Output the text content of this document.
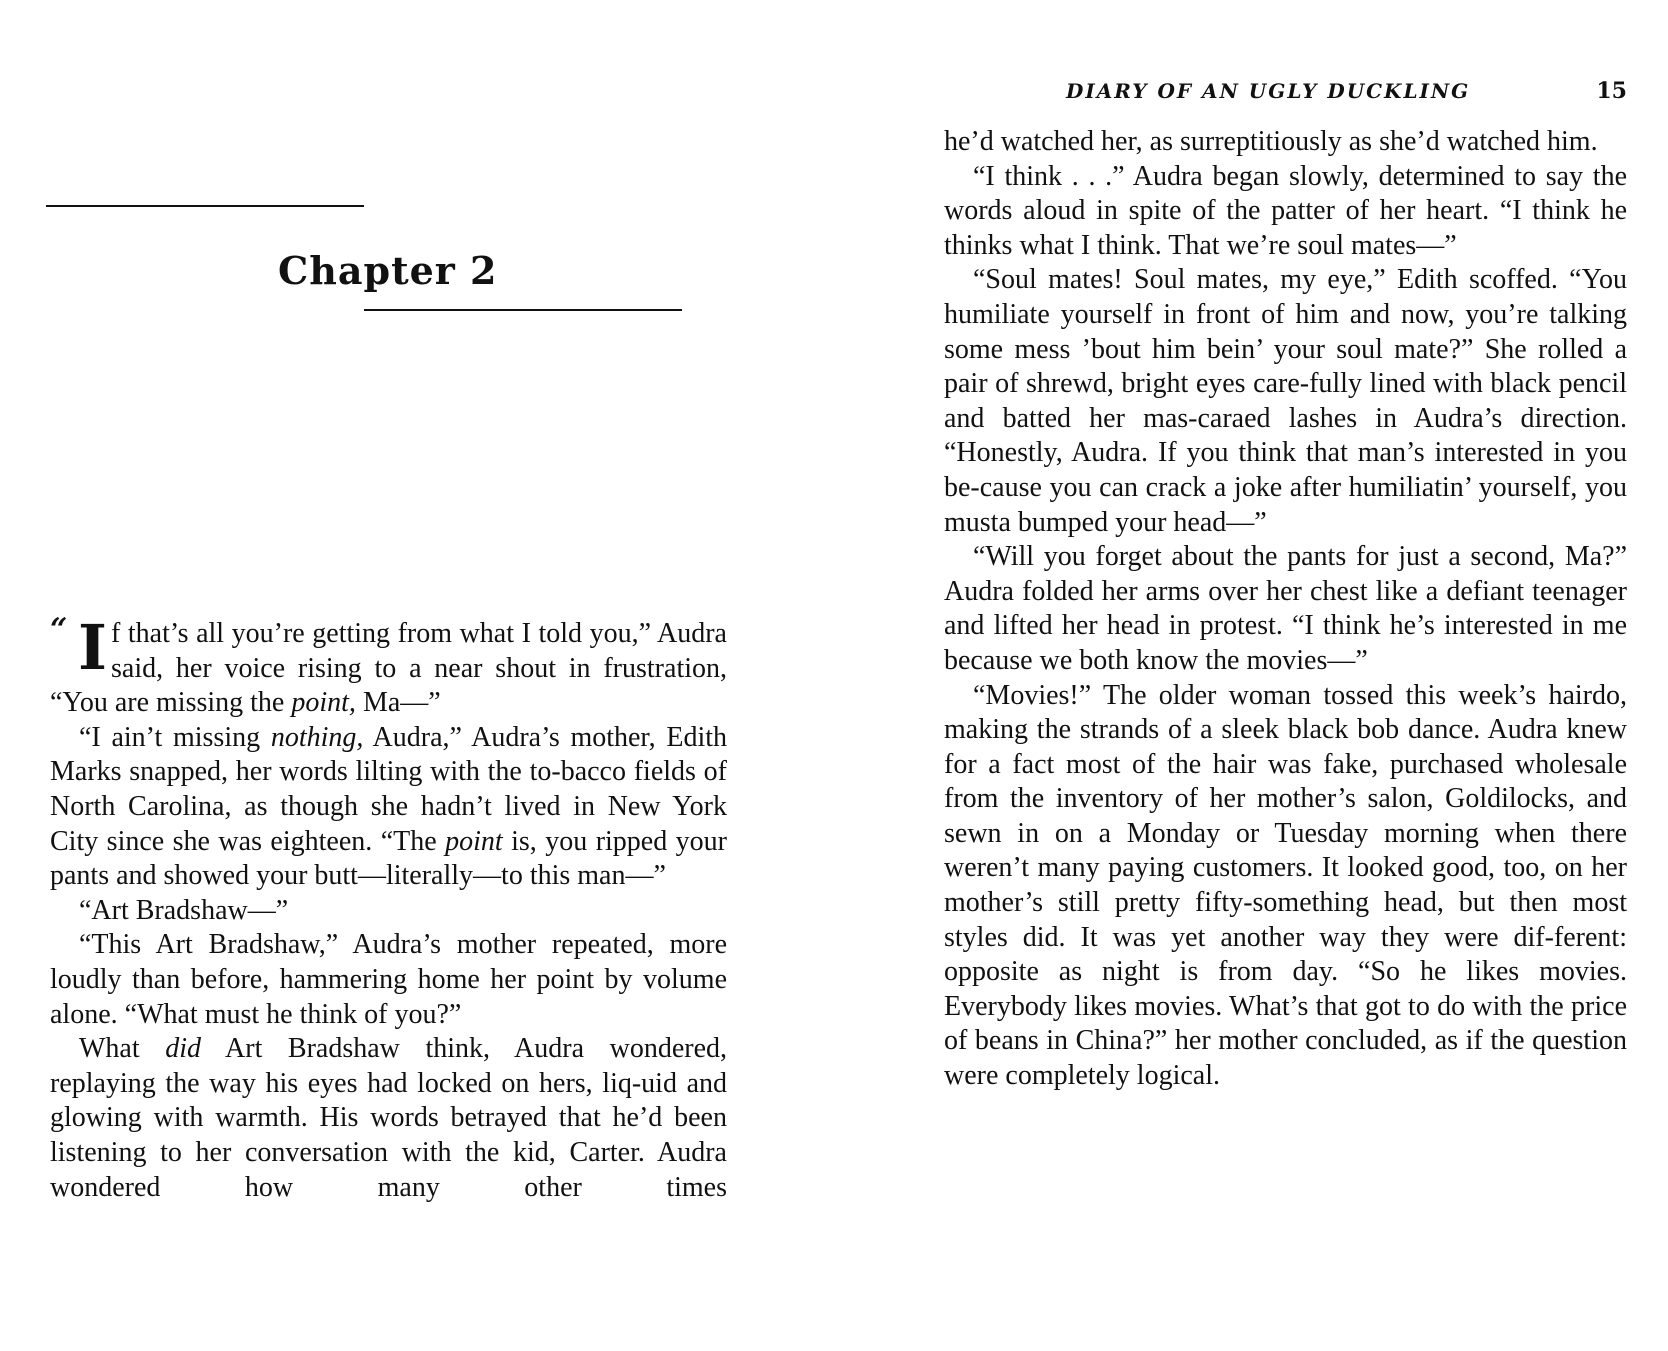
Chapter 2

“ I f that’s all you’re getting from what I told you,” Audra said, her voice rising to a near shout in frustration, “You are missing the point, Ma—”

“I ain’t missing nothing, Audra,” Audra’s mother, Edith Marks snapped, her words lilting with the to-bacco fields of North Carolina, as though she hadn’t lived in New York City since she was eighteen. “The point is, you ripped your pants and showed your butt—literally—to this man—”

“Art Bradshaw—”

“This Art Bradshaw,” Audra’s mother repeated, more loudly than before, hammering home her point by volume alone. “What must he think of you?”

What did Art Bradshaw think, Audra wondered, replaying the way his eyes had locked on hers, liq-uid and glowing with warmth. His words betrayed that he’d been listening to her conversation with the kid, Carter. Audra wondered how many other times

DIARY OF AN UGLY DUCKLING	15

he’d watched her, as surreptitiously as she’d watched him.

“I think . . .” Audra began slowly, determined to say the words aloud in spite of the patter of her heart. “I think he thinks what I think. That we’re soul mates—”

“Soul mates! Soul mates, my eye,” Edith scoffed. “You humiliate yourself in front of him and now, you’re talking some mess ’bout him bein’ your soul mate?” She rolled a pair of shrewd, bright eyes care-fully lined with black pencil and batted her mas-caraed lashes in Audra’s direction. “Honestly, Audra. If you think that man’s interested in you be-cause you can crack a joke after humiliatin’ yourself, you musta bumped your head—”

“Will you forget about the pants for just a second, Ma?” Audra folded her arms over her chest like a defiant teenager and lifted her head in protest. “I think he’s interested in me because we both know the movies—”

“Movies!” The older woman tossed this week’s hairdo, making the strands of a sleek black bob dance. Audra knew for a fact most of the hair was fake, purchased wholesale from the inventory of her mother’s salon, Goldilocks, and sewn in on a Monday or Tuesday morning when there weren’t many paying customers. It looked good, too, on her mother’s still pretty fifty-something head, but then most styles did. It was yet another way they were dif-ferent: opposite as night is from day. “So he likes movies. Everybody likes movies. What’s that got to do with the price of beans in China?” her mother concluded, as if the question were completely logical.
